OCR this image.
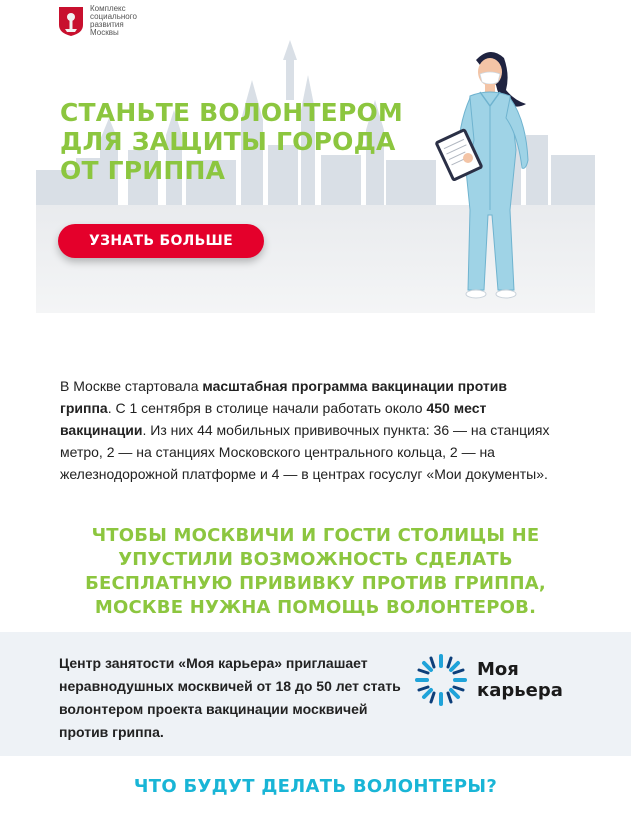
Комплекс
социального
развития
Москвы
СТАНЬТЕ ВОЛОНТЕРОМ
ДЛЯ ЗАЩИТЫ ГОРОДА
ОТ ГРИППА
УЗНАТЬ БОЛЬШЕ
В Москве стартовала масштабная программа вакцинации против гриппа. С 1 сентября в столице начали работать около 450 мест вакцинации. Из них 44 мобильных прививочных пункта: 36 — на станциях метро, 2 — на станциях Московского центрального кольца, 2 — на железнодорожной платформе и 4 — в центрах госуслуг «Мои документы».
ЧТОБЫ МОСКВИЧИ И ГОСТИ СТОЛИЦЫ НЕ
УПУСТИЛИ ВОЗМОЖНОСТЬ СДЕЛАТЬ
БЕСПЛАТНУЮ ПРИВИВКУ ПРОТИВ ГРИППА,
МОСКВЕ НУЖНА ПОМОЩЬ ВОЛОНТЕРОВ.
Центр занятости «Моя карьера» приглашает
неравнодушных москвичей от 18 до 50 лет стать
волонтером проекта вакцинации москвичей
против гриппа.
Моя
карьера
ЧТО БУДУТ ДЕЛАТЬ ВОЛОНТЕРЫ?
